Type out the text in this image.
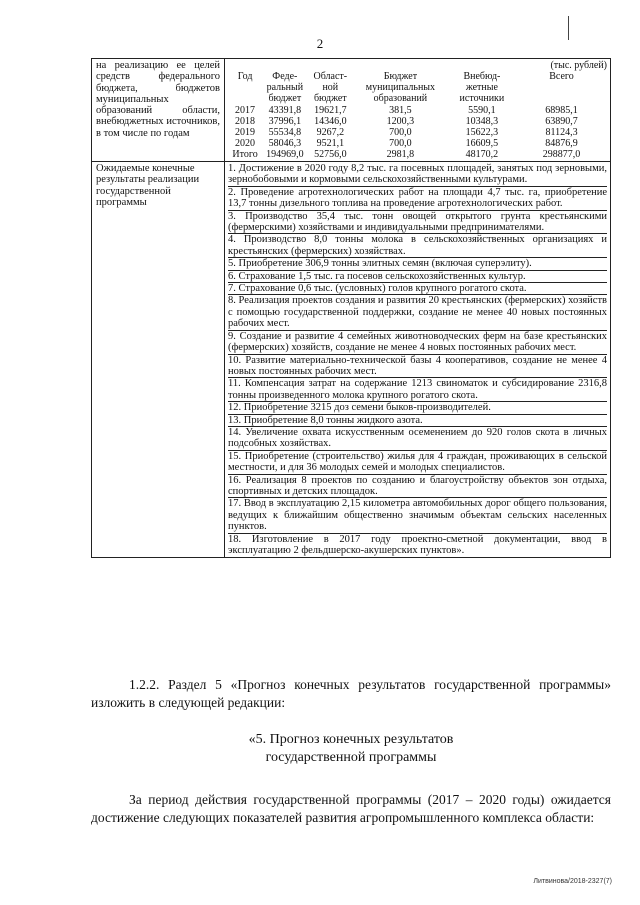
2
на реализацию ее целей средств федерального бюджета, бюджетов муниципальных образований области, внебюджетных источников, в том числе по годам

(тыс. рублей)
Год	Феде-ральный бюджет	Област-ной бюджет	Бюджет муниципальных образований	Внебюд-жетные источники	Всего
2017	43391,8	19621,7	381,5	5590,1	68985,1
2018	37996,1	14346,0	1200,3	10348,3	63890,7
2019	55534,8	9267,2	700,0	15622,3	81124,3
2020	58046,3	9521,1	700,0	16609,5	84876,9
Итого	194969,0	52756,0	2981,8	48170,2	298877,0

Ожидаемые конечные результаты реализации государственной программы

1. Достижение в 2020 году 8,2 тыс. га посевных площадей, занятых под зерновыми, зернобобовыми и кормовыми сельскохозяйственными культурами.

2. Проведение агротехнологических работ на площади 4,7 тыс. га, приобретение 13,7 тонны дизельного топлива на проведение агротехнологических работ.

3. Производство 35,4 тыс. тонн овощей открытого грунта крестьянскими (фермерскими) хозяйствами и индивидуальными предпринимателями.

4. Производство 8,0 тонны молока в сельскохозяйственных организациях и крестьянских (фермерских) хозяйствах.

5. Приобретение 306,9 тонны элитных семян (включая суперэлиту).

6. Страхование 1,5 тыс. га посевов сельскохозяйственных культур.

7. Страхование 0,6 тыс. (условных) голов крупного рогатого скота.

8. Реализация проектов создания и развития 20 крестьянских (фермерских) хозяйств с помощью государственной поддержки, создание не менее 40 новых постоянных рабочих мест.

9. Создание и развитие 4 семейных животноводческих ферм на базе крестьянских (фермерских) хозяйств, создание не менее 4 новых постоянных рабочих мест.

10. Развитие материально-технической базы 4 кооперативов, создание не менее 4 новых постоянных рабочих мест.

11. Компенсация затрат на содержание 1213 свиноматок и субсидирование 2316,8 тонны произведенного молока крупного рогатого скота.

12. Приобретение 3215 доз семени быков-производителей.

13. Приобретение 8,0 тонны жидкого азота.

14. Увеличение охвата искусственным осеменением до 920 голов скота в личных подсобных хозяйствах.

15. Приобретение (строительство) жилья для 4 граждан, проживающих в сельской местности, и для 36 молодых семей и молодых специалистов.

16. Реализация 8 проектов по созданию и благоустройству объектов зон отдыха, спортивных и детских площадок.

17. Ввод в эксплуатацию 2,15 километра автомобильных дорог общего пользования, ведущих к ближайшим общественно значимым объектам сельских населенных пунктов.

18. Изготовление в 2017 году проектно-сметной документации, ввод в эксплуатацию 2 фельдшерско-акушерских пунктов».

1.2.2. Раздел 5 «Прогноз конечных результатов государственной программы» изложить в следующей редакции:
«5. Прогноз конечных результатов
государственной программы
За период действия государственной программы (2017 – 2020 годы) ожидается достижение следующих показателей развития агропромышленного комплекса области:
Литвинова/2018-2327(7)
